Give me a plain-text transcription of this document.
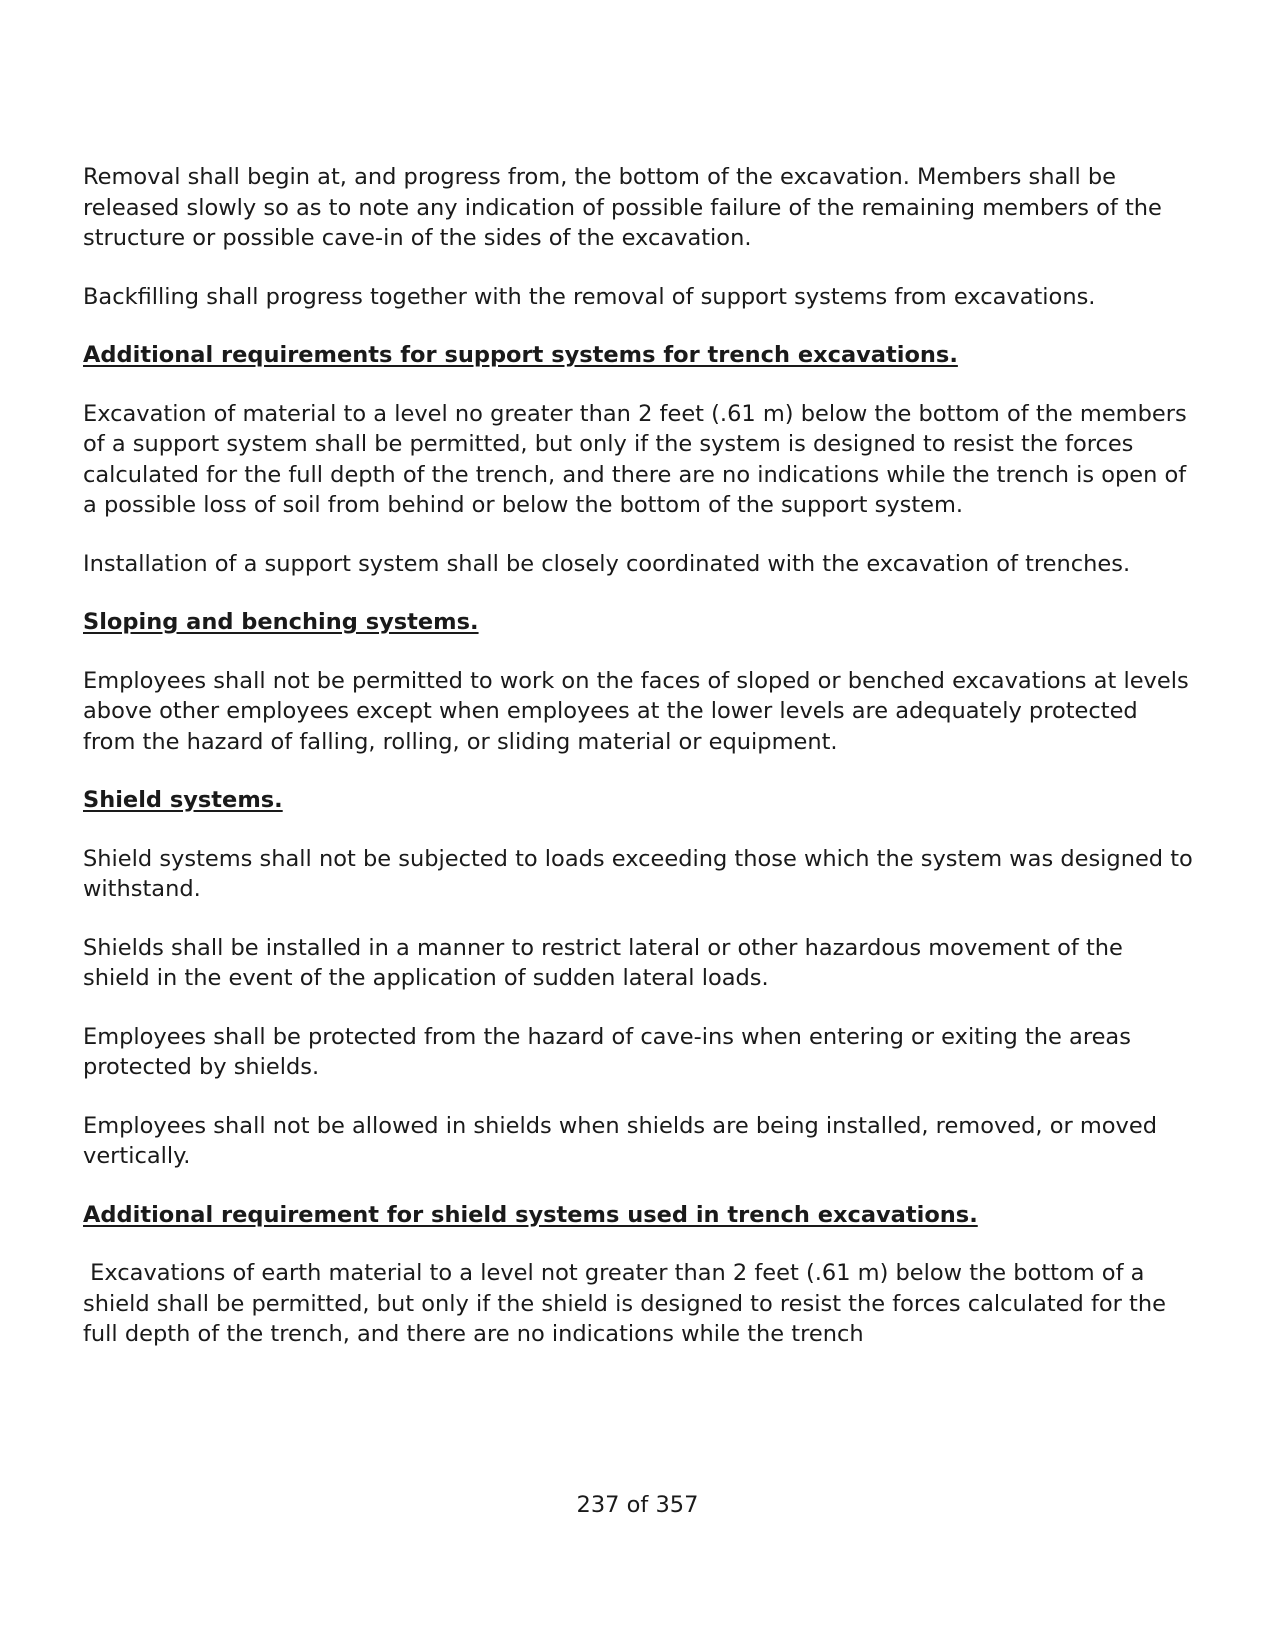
Removal shall begin at, and progress from, the bottom of the excavation. Members shall be released slowly so as to note any indication of possible failure of the remaining members of the structure or possible cave-in of the sides of the excavation.

Backfilling shall progress together with the removal of support systems from excavations.

Additional requirements for support systems for trench excavations.

Excavation of material to a level no greater than 2 feet (.61 m) below the bottom of the members of a support system shall be permitted, but only if the system is designed to resist the forces calculated for the full depth of the trench, and there are no indications while the trench is open of a possible loss of soil from behind or below the bottom of the support system.

Installation of a support system shall be closely coordinated with the excavation of trenches.

Sloping and benching systems.

Employees shall not be permitted to work on the faces of sloped or benched excavations at levels above other employees except when employees at the lower levels are adequately protected from the hazard of falling, rolling, or sliding material or equipment.

Shield systems.

Shield systems shall not be subjected to loads exceeding those which the system was designed to withstand.

Shields shall be installed in a manner to restrict lateral or other hazardous movement of the shield in the event of the application of sudden lateral loads.

Employees shall be protected from the hazard of cave-ins when entering or exiting the areas protected by shields.

Employees shall not be allowed in shields when shields are being installed, removed, or moved vertically.

Additional requirement for shield systems used in trench excavations.

Excavations of earth material to a level not greater than 2 feet (.61 m) below the bottom of a shield shall be permitted, but only if the shield is designed to resist the forces calculated for the full depth of the trench, and there are no indications while the trench

237 of 357
